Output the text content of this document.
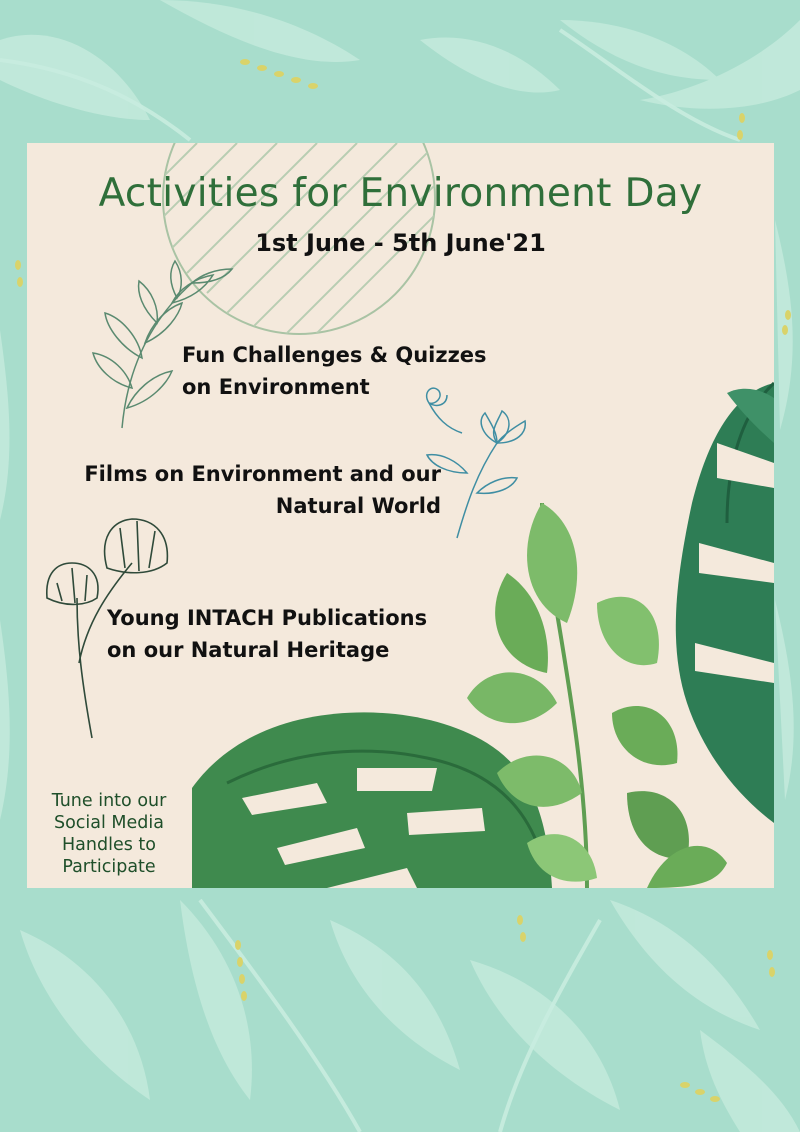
Activities for Environment Day
1st June - 5th June'21
Fun Challenges & Quizzes
on Environment
Films on Environment and our
Natural World
Young INTACH Publications
on our Natural Heritage
Tune into our
Social Media
Handles to
Participate
